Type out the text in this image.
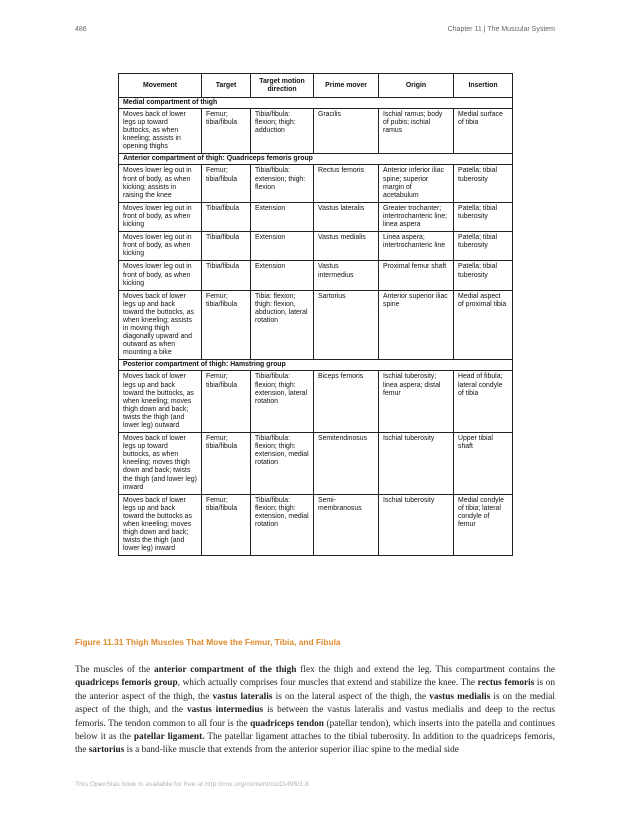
486	Chapter 11 | The Muscular System
Movement	Target	Target motion direction	Prime mover	Origin	Insertion
Medial compartment of thigh					
Moves back of lower legs up toward buttocks, as when kneeling; assists in opening thighs	Femur; tibia/fibula	Tibia/fibula: flexion; thigh: adduction	Gracilis	Ischial ramus; body of pubis; ischial ramus	Medial surface of tibia
Anterior compartment of thigh: Quadriceps femoris group					
Moves lower leg out in front of body, as when kicking; assists in raising the knee	Femur; tibia/fibula	Tibia/fibula: extension; thigh: flexion	Rectus femoris	Anterior inferior iliac spine; superior margin of acetabulum	Patella; tibial tuberosity
Moves lower leg out in front of body, as when kicking	Tibia/fibula	Extension	Vastus lateralis	Greater trochanter; intertrochanteric line; linea aspera	Patella; tibial tuberosity
Moves lower leg out in front of body, as when kicking	Tibia/fibula	Extension	Vastus medialis	Linea aspera; intertrochanteric line	Patella; tibial tuberosity
Moves lower leg out in front of body, as when kicking	Tibia/fibula	Extension	Vastus intermedius	Proximal femur shaft	Patella; tibial tuberosity
Moves back of lower legs up and back toward the buttocks, as when kneeling; assists in moving thigh diagonally upward and outward as when mounting a bike	Femur; tibia/fibula	Tibia: flexion; thigh: flexion, abduction, lateral rotation	Sartorius	Anterior superior iliac spine	Medial aspect of proximal tibia
Posterior compartment of thigh: Hamstring group					
Moves back of lower legs up and back toward the buttocks, as when kneeling; moves thigh down and back; twists the thigh (and lower leg) outward	Femur; tibia/fibula	Tibia/fibula: flexion; thigh: extension, lateral rotation	Biceps femoris	Ischial tuberosity; linea aspera; distal femur	Head of fibula; lateral condyle of tibia
Moves back of lower legs up toward buttocks, as when kneeling; moves thigh down and back; twists the thigh (and lower leg) inward	Femur; tibia/fibula	Tibia/fibula: flexion; thigh: extension, medial rotation	Semitendinosus	Ischial tuberosity	Upper tibial shaft
Moves back of lower legs up and back toward the buttocks as when kneeling; moves thigh down and back; twists the thigh (and lower leg) inward	Femur; tibia/fibula	Tibia/fibula: flexion; thigh: extension, medial rotation	Semi- membranosus	Ischial tuberosity	Medial condyle of tibia; lateral condyle of femur
Figure 11.31 Thigh Muscles That Move the Femur, Tibia, and Fibula

The muscles of the anterior compartment of the thigh flex the thigh and extend the leg. This compartment contains the quadriceps femoris group, which actually comprises four muscles that extend and stabilize the knee. The rectus femoris is on the anterior aspect of the thigh, the vastus lateralis is on the lateral aspect of the thigh, the vastus medialis is on the medial aspect of the thigh, and the vastus intermedius is between the vastus lateralis and vastus medialis and deep to the rectus femoris. The tendon common to all four is the quadriceps tendon (patellar tendon), which inserts into the patella and continues below it as the patellar ligament. The patellar ligament attaches to the tibial tuberosity. In addition to the quadriceps femoris, the sartorius is a band-like muscle that extends from the anterior superior iliac spine to the medial side

This OpenStax book is available for free at http://cnx.org/content/col11496/1.8
